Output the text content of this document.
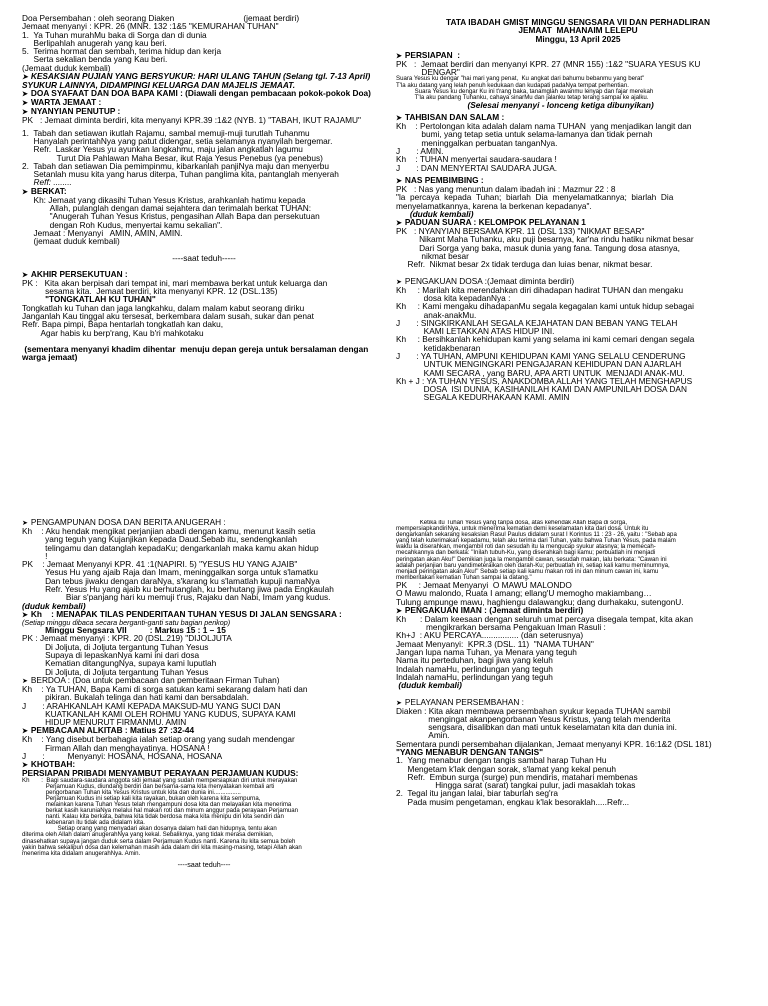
Doa Persembahan : oleh seorang Diaken                              (jemaat berdiri)
Jemaat menyanyi : KPR. 26 (MNR. 132 :1&5 "KEMURAHAN TUHAN"
1.  Ya Tuhan murahMu baka di Sorga dan di dunia
Berlipahlah anugerah yang kau beri.
5.  Terima hormat dan sembah, terima hidup dan kerja
Serta sekalian benda yang Kau beri.
(Jemaat duduk kembali)
➤ KESAKSIAN PUJIAN YANG BERSYUKUR: HARI ULANG TAHUN (Selang tgl. 7-13 April) SYUKUR LAINNYA, DIDAMPINGI KELUARGA DAN MAJELIS JEMAAT.
➤ DOA SYAFAAT DAN DOA BAPA KAMI : (Diawali dengan pembacaan pokok-pokok Doa)
➤ WARTA JEMAAT :
➤ NYANYIAN PENUTUP :
PK   : Jemaat diminta berdiri, kita menyanyi KPR.39 :1&2 (NYB. 1) "TABAH, IKUT RAJAMU"
1.  Tabah dan setiawan ikutlah Rajamu, sambal memuji-muji turutlah Tuhanmu
Hanyalah perintahNya yang patut didengar, setia selamanya nyanyilah bergemar.
Refr.  Laskar Yesus yu ayunkan langkahmu, maju jalan angkatlah lagumu
Turut Dia Pahlawan Maha Besar, ikut Raja Yesus Penebus (ya penebus)
2.  Tabah dan setiawan Dia pemimpinmu, kibarkanlah panjiNya maju dan menyerbu
Setanlah musu kita yang harus diterpa, Tuhan panglima kita, pantanglah menyerah
Reff: ........
➤ BERKAT:
Kh: Jemaat yang dikasihi Tuhan Yesus Kristus, arahkanlah hatimu kepada
Allah, pulanglah dengan damai sejahtera dan terimalah berkat TUHAN:
"Anugerah Tuhan Yesus Kristus, pengasihan Allah Bapa dan persekutuan
dengan Roh Kudus, menyertai kamu sekalian".
Jemaat : Menyanyi   AMIN, AMIN, AMIN.
(jemaat duduk kembali)
----saat teduh-----
➤ AKHIR PERSEKUTUAN :
PK :   Kita akan berpisah dari tempat ini, mari membawa berkat untuk keluarga dan
sesama kita.  Jemaat berdiri, kita menyanyi KPR. 12 (DSL.135)
"TONGKATLAH KU TUHAN"
Tongkatlah ku Tuhan dan jaga langkahku, dalam malam kabut seorang diriku
Janganlah Kau tinggal aku tersesat, berkembara dalam susah, sukar dan penat
Refr. Bapa pimpi, Bapa hentarlah tongkatlah kan daku,
Agar habis ku berp'rang, Kau b'ri mahkotaku
(sementara menyanyi khadim dihentar  menuju depan gereja untuk bersalaman dengan warga jemaat)
TATA IBADAH GMIST MINGGU SENGSARA VII DAN PERHADLIRAN
JEMAAT  MAHANAIM LELEPU
Minggu, 13 April 2025
➤ PERSIAPAN  :
PK   :  Jemaat berdiri dan menyanyi KPR. 27 (MNR 155) :1&2 "SUARA YESUS KU
DENGAR"
Suara Yesus ku dengar "hai mari yang penat,  Ku angkat dari bahumu bebanmu yang berat"
T'la aku datang yang lelah penuh kedukaan dan kudapati padaNya tempat perhentian.
Suara Yesus ku dengar Ku ini t'rang baka, tanamglah awanmu lenyap dan fajar merekah
T'la aku pandang Tuhanku, cahaya sinarMu dan jalanku tetap terang sampai ke ajalku.
(Selesai menyanyi - lonceng ketiga dibunyikan)
➤ TAHBISAN DAN SALAM :
Kh    : Pertolongan kita adalah dalam nama TUHAN  yang menjadikan langit dan
bumi, yang tetap setia untuk selama-lamanya dan tidak pernah
meninggalkan perbuatan tanganNya.
J       : AMIN.
Kh    : TUHAN menyertai saudara-saudara !
J       : DAN MENYERTAI SAUDARA JUGA.
➤ NAS PEMBIMBING :
PK   : Nas yang menuntun dalam ibadah ini : Mazmur 22 : 8
"la  percaya  kepada  Tuhan;  biarlah  Dia  menyelamatkannya;  biarlah  Dia
menyelamatkannya, karena la berkenan kepadanya".
(duduk kembali)
➤ PADUAN SUARA : KELOMPOK PELAYANAN 1
PK   : NYANYIAN BERSAMA KPR. 11 (DSL 133) "NIKMAT BESAR"
Nikamt Maha Tuhanku, aku puji besarnya, kar'na rindu hatiku nikmat besar
Dari Sorga yang baka, masuk dunia yang fana. Tangung dosa atasnya,
nikmat besar
Refr.  Nikmat besar 2x tidak terduga dan luias benar, nikmat besar.
➤ PENGAKUAN DOSA :(Jemaat diminta berdiri)
Kh     : Marilah kita merendahkan diri dihadapan hadirat TUHAN dan mengaku
dosa kita kepadanNya :
Kh     : Kami mengaku dihadapanMu segala kegagalan kami untuk hidup sebagai
anak-anakMu.
J       : SINGKIRKANLAH SEGALA KEJAHATAN DAN BEBAN YANG TELAH
KAMI LETAKKAN ATAS HIDUP INI.
Kh     : Bersihkanlah kehidupan kami yang selama ini kami cemari dengan segala
ketidakbenaran
J       : YA TUHAN, AMPUNI KEHIDUPAN KAMI YANG SELALU CENDERUNG
UNTUK MENGINGKARI PENGAJARAN KEHIDUPAN DAN AJARLAH
KAMI SECARA , yang BARU, APA ARTI UNTUK  MENJADI ANAK-MU.
Kh + J : YA TUHAN YESUS, ANAKDOMBA ALLAH YANG TELAH MENGHAPUS
DOSA  ISI DUNIA, KASIHANILAH KAMI DAN AMPUNILAH DOSA DAN
SEGALA KEDURHAKAAN KAMI. AMIN
➤ PENGAMPUNAN DOSA DAN BERITA ANUGERAH :
Kh    : Aku hendak mengikat perjanjian abadi dengan kamu, menurut kasih setia
yang teguh yang Kujanjikan kepada Daud.Sebab itu, sendengkanlah
telingamu dan datanglah kepadaKu; dengarkanlah maka kamu akan hidup
!
PK    : Jemaat Menyanyi KPR. 41 :1(NAPIRI. 5) "YESUS HU YANG AJAIB"
Yesus Hu yang ajaib Raja dan Imam, meninggalkan sorga untuk s'lamatku
Dan tebus jiwaku dengan daraNya, s'karang ku s'lamatlah kupuji namaNya
Refr. Yesus Hu yang ajaib ku berhutanglah, ku berhutang jiwa pada Engkaulah
Biar s'panjang hari ku memuji t'rus, Rajaku dan Nabi, Imam yang kudus.
(duduk kembali)
➤ Kh    : MENAPAK TILAS PENDERITAAN TUHAN YESUS DI JALAN SENGSARA :
(Setiap minggu dibaca secara berganti-ganti satu bagian perikop)
Minggu Sengsara VII          : Markus 15 : 1 – 15
PK : Jemaat menyanyi : KPR. 20 (DSL.219) "DIJOLJUTA
Di Joljuta, di Joljuta tergantung Tuhan Yesus
Supaya di lepaskanNya kami ini dari dosa
Kematian ditangungNya, supaya kami luputlah
Di Joljuta, di Joljuta tergantung Tuhan Yesus
➤ BERDOA : (Doa untuk pembacaan dan pemberitaan Firman Tuhan)
Kh    : Ya TUHAN, Bapa Kami di sorga satukan kami sekarang dalam hati dan
pikiran. Bukalah telinga dan hati kami dan bersabdalah.
J       : ARAHKANLAH KAMI KEPADA MAKSUD-MU YANG SUCI DAN
KUATKANLAH KAMI OLEH ROHMU YANG KUDUS, SUPAYA KAMI
HIDUP MENURUT FIRMANMU. AMIN
➤ PEMBACAAN ALKITAB : Matius 27 :32-44
Kh    : Yang disebut berbahagia ialah setiap orang yang sudah mendengar
Firman Allah dan menghayatinya. HOSANA !
J       :          Menyanyi: HOSANA, HOSANA, HOSANA
➤ KHOTBAH:
PERSIAPAN PRIBADI MENYAMBUT PERAYAAN PERJAMUAN KUDUS:
Kh       :  Bagi saudara-saudara anggota sidi jemaat yang sudah mempersiapkan diri untuk merayakan
Perjamuan Kudus, diundang berdiri dan bersama-sama kita menyatakan kembali arti
pengorbanan Tuhan kita Yesus Kristus untuk kita dan dunia ini................
Perjamuan Kudus ini setiap kali kita rayakan, bukan oleh karena kita sempurna,
melainkan karena Tuhan Yesus telah mengampuni dosa kita dan melayakan kita menerima
berkat kasih karuniaNya melalui hal makan roti dan minum anggur pada perayaan Perjamuan
nanti. Kalau kita berkata, bahwa kita tidak berdosa maka kita menipu diri kita sendiri dan
kebenaran itu tidak ada didalam kita.
Setiap orang yang menyadari akan dosanya dalam hati dan hidupnya, tentu akan
diterima oleh Allah dalam anugerahNya yang kekal. Sebaliknya, yang tidak merasa demikian,
dinasehatkan supaya jangan duduk serta dalam Perjamuan Kudus nanti. Karena itu kita semua boleh
yakin bahwa sekalipun dosa dan kelemahan masih ada dalam diri kita masing-masing, tetapi Allah akan
menerima kita didalam anugerahNya. Amin.
----saat teduh----
Ketika itu Tuhan Yesus yang tanpa dosa, atas kehendak Allah Bapa di sorga,
mempersiapkandiriNya, untuk menerima kematian demi keselamatan kita dari dosa. Untuk itu
dengarkanlah sekarang kesaksian Rasul Paulus didalam surat I Korintus 11 : 23 - 26, yaitu : "Sebab apa
yang telah kuterimakan kepadamu, telah aku terima dari Tuhan, yaitu bahwa Tuhan Yesus, pada malam
waktu la diserahkan, mengambil roti dan sesudah itu la mengucap syukur atasnya; la memecah-
mecahkannya dan berkata: "Inilah tubuh-Ku, yang diserahkan bagi kamu; perbuatlah ini menjadi
peringatan akan Aku!" Demikian juga la mengambil cawan, sesudah makan, lalu berkata: "Cawan ini
adalah perjanjian baru yandimeteraikan oleh darah-Ku; perbuatlah ini, setiap kali kamu meminumnya,
menjadi peringatan akan Aku!" Sebab setiap kali kamu makan roti ini dan minum cawan ini, kamu
memberitakan kematian Tuhan sampai la datang."
PK     : Jemaat Menyanyi  O MAWU MALONDO
O Mawu malondo, Ruata I amang; ellang'U memogho makiambang…
Tulung ampunge mawu, haghiengu dalawangku; dang durhakaku, sutengonU.
➤ PENGAKUAN IMAN : (Jemaat diminta berdiri)
Kh      : Dalam keesaan dengan seluruh umat percaya disegala tempat, kita akan
mengikrarkan bersama Pengakuan Iman Rasuli :
Kh+J  : AKU PERCAYA................ (dan seterusnya)
Jemaat Menyanyi:  KPR.3 (DSL. 11)  "NAMA TUHAN"
Jangan lupa nama Tuhan, ya Menara yang teguh
Nama itu perteduhan, bagi jiwa yang keluh
Indalah namaHu, perlindungan yang teguh
Indalah namaHu, perlindungan yang teguh
(duduk kembali)
➤ PELAYANAN PERSEMBAHAN :
Diaken : Kita akan membawa persembahan syukur kepada TUHAN sambil
mengingat akanpengorbanan Yesus Kristus, yang telah menderita
sengsara, disalibkan dan mati untuk keselamatan kita dan dunia ini.
Amin.
Sementara pundi persembahan dijalankan, Jemaat menyanyi KPR. 16:1&2 (DSL 181)
"YANG MENABUR DENGAN TANGIS"
1.  Yang menabur dengan tangis sambal harap Tuhan Hu
Mengetam k'lak dengan sorak, s'lamat yang kekal penuh
Refr.  Embun surga (surge) pun mendiris, matahari membenas
Hingga sarat (sarat) tangkai pulur, jadi masaklah tokas
2.  Tegal itu jangan lalai, biar taburlah seg'ra
Pada musim pengetaman, engkau k'lak besoraklah.....Refr...
